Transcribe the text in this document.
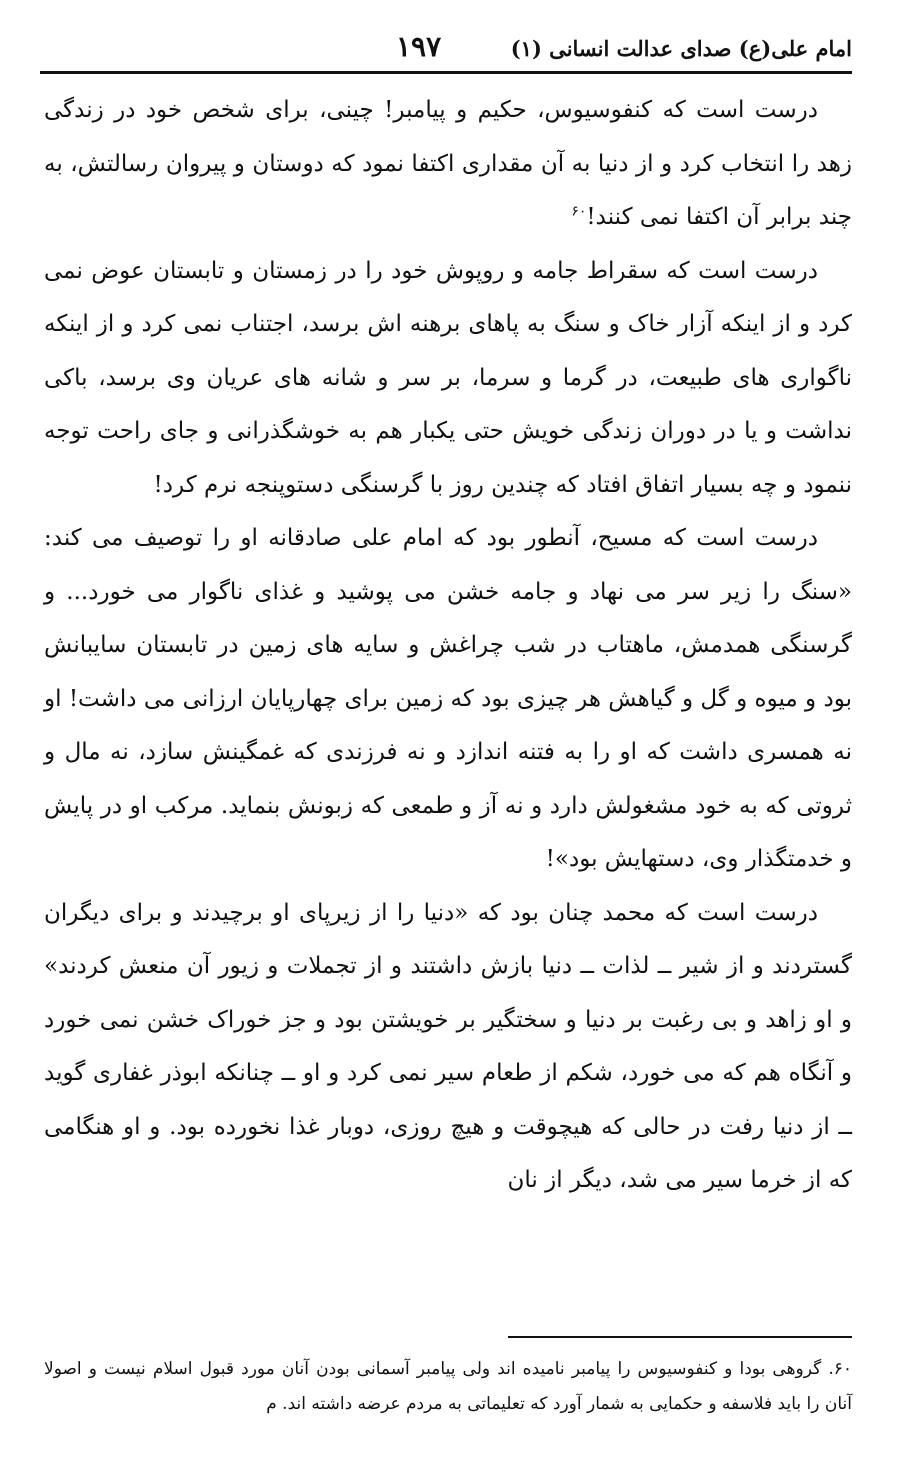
امام علی(ع) صدای عدالت انسانی (۱)
۱۹۷

درست است که کنفوسیوس، حکیم و پیامبر! چینی، برای شخص خود در زندگی زهد را انتخاب کرد و از دنیا به آن مقداری اکتفا نمود که دوستان و پیروان رسالتش، به چند برابر آن اکتفا نمی کنند!$^{۶۰}$

درست است که سقراط جامه و روپوش خود را در زمستان و تابستان عوض نمی کرد و از اینکه آزار خاک و سنگ به پاهای برهنه اش برسد، اجتناب نمی کرد و از اینکه ناگواری های طبیعت، در گرما و سرما، بر سر و شانه های عریان وی برسد، باکی نداشت و یا در دوران زندگی خویش حتی یکبار هم به خوشگذرانی و جای راحت توجه ننمود و چه بسیار اتفاق افتاد که چندین روز با گرسنگی دستوپنجه نرم کرد!

درست است که مسیح، آنطور بود که امام علی صادقانه او را توصیف می کند: «سنگ را زیر سر می نهاد و جامه خشن می پوشید و غذای ناگوار می خورد... و گرسنگی همدمش، ماهتاب در شب چراغش و سایه های زمین در تابستان سایبانش بود و میوه و گل و گیاهش هر چیزی بود که زمین برای چهارپایان ارزانی می داشت! او نه همسری داشت که او را به فتنه اندازد و نه فرزندی که غمگینش سازد، نه مال و ثروتی که به خود مشغولش دارد و نه آز و طمعی که زبونش بنماید. مرکب او در پایش و خدمتگذار وی، دستهایش بود»!

درست است که محمد چنان بود که «دنیا را از زیرپای او برچیدند و برای دیگران گستردند و از شیر ــ لذات ــ دنیا بازش داشتند و از تجملات و زیور آن منعش کردند» و او زاهد و بی رغبت بر دنیا و سختگیر بر خویشتن بود و جز خوراک خشن نمی خورد و آنگاه هم که می خورد، شکم از طعام سیر نمی کرد و او ــ چنانکه ابوذر غفاری گوید ــ از دنیا رفت در حالی که هیچوقت و هیچ روزی، دوبار غذا نخورده بود. و او هنگامی که از خرما سیر می شد، دیگر از نان

۶۰. گروهی بودا و کنفوسیوس را پیامبر نامیده اند ولی پیامبر آسمانی بودن آنان مورد قبول اسلام نیست و اصولا آنان را باید فلاسفه و حکمایی به شمار آورد که تعلیماتی به مردم عرضه داشته اند. م
